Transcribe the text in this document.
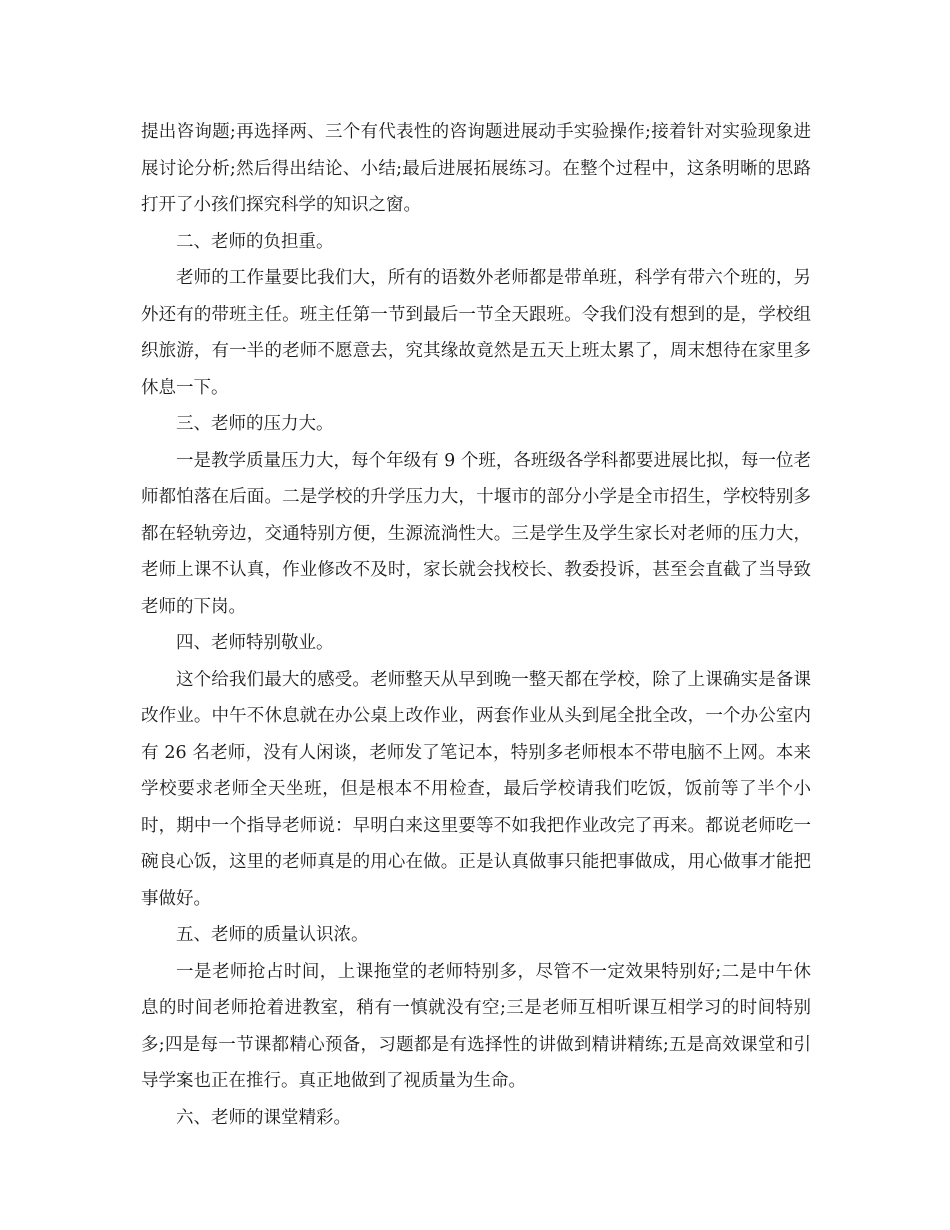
提出咨询题;再选择两、三个有代表性的咨询题进展动手实验操作;接着针对实验现象进展讨论分析;然后得出结论、小结;最后进展拓展练习。在整个过程中，这条明晰的思路打开了小孩们探究科学的知识之窗。

二、老师的负担重。

老师的工作量要比我们大，所有的语数外老师都是带单班，科学有带六个班的，另外还有的带班主任。班主任第一节到最后一节全天跟班。令我们没有想到的是，学校组织旅游，有一半的老师不愿意去，究其缘故竟然是五天上班太累了，周末想待在家里多休息一下。

三、老师的压力大。

一是教学质量压力大，每个年级有 9 个班，各班级各学科都要进展比拟，每一位老师都怕落在后面。二是学校的升学压力大，十堰市的部分小学是全市招生，学校特别多都在轻轨旁边，交通特别方便，生源流淌性大。三是学生及学生家长对老师的压力大，老师上课不认真，作业修改不及时，家长就会找校长、教委投诉，甚至会直截了当导致老师的下岗。

四、老师特别敬业。

这个给我们最大的感受。老师整天从早到晚一整天都在学校，除了上课确实是备课改作业。中午不休息就在办公桌上改作业，两套作业从头到尾全批全改，一个办公室内有 26 名老师，没有人闲谈，老师发了笔记本，特别多老师根本不带电脑不上网。本来学校要求老师全天坐班，但是根本不用检查，最后学校请我们吃饭，饭前等了半个小时，期中一个指导老师说：早明白来这里要等不如我把作业改完了再来。都说老师吃一碗良心饭，这里的老师真是的用心在做。正是认真做事只能把事做成，用心做事才能把事做好。

五、老师的质量认识浓。

一是老师抢占时间，上课拖堂的老师特别多，尽管不一定效果特别好;二是中午休息的时间老师抢着进教室，稍有一慎就没有空;三是老师互相听课互相学习的时间特别多;四是每一节课都精心预备，习题都是有选择性的讲做到精讲精练;五是高效课堂和引导学案也正在推行。真正地做到了视质量为生命。

六、老师的课堂精彩。
